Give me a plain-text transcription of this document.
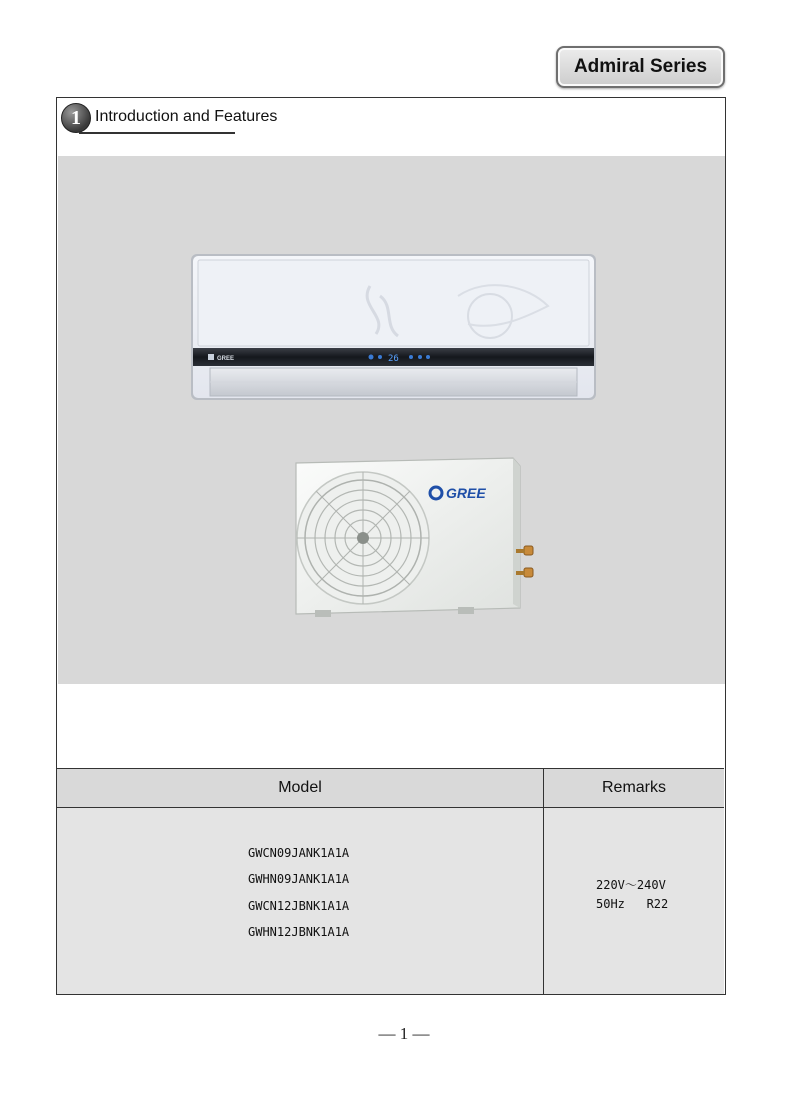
Admiral Series
1 Introduction and Features
GREE	26
GREE
Model	Remarks
GWCN09JANK1A1A
GWHN09JANK1A1A
GWCN12JBNK1A1A
GWHN12JBNK1A1A
220V～240V
50Hz   R22
— 1 —
